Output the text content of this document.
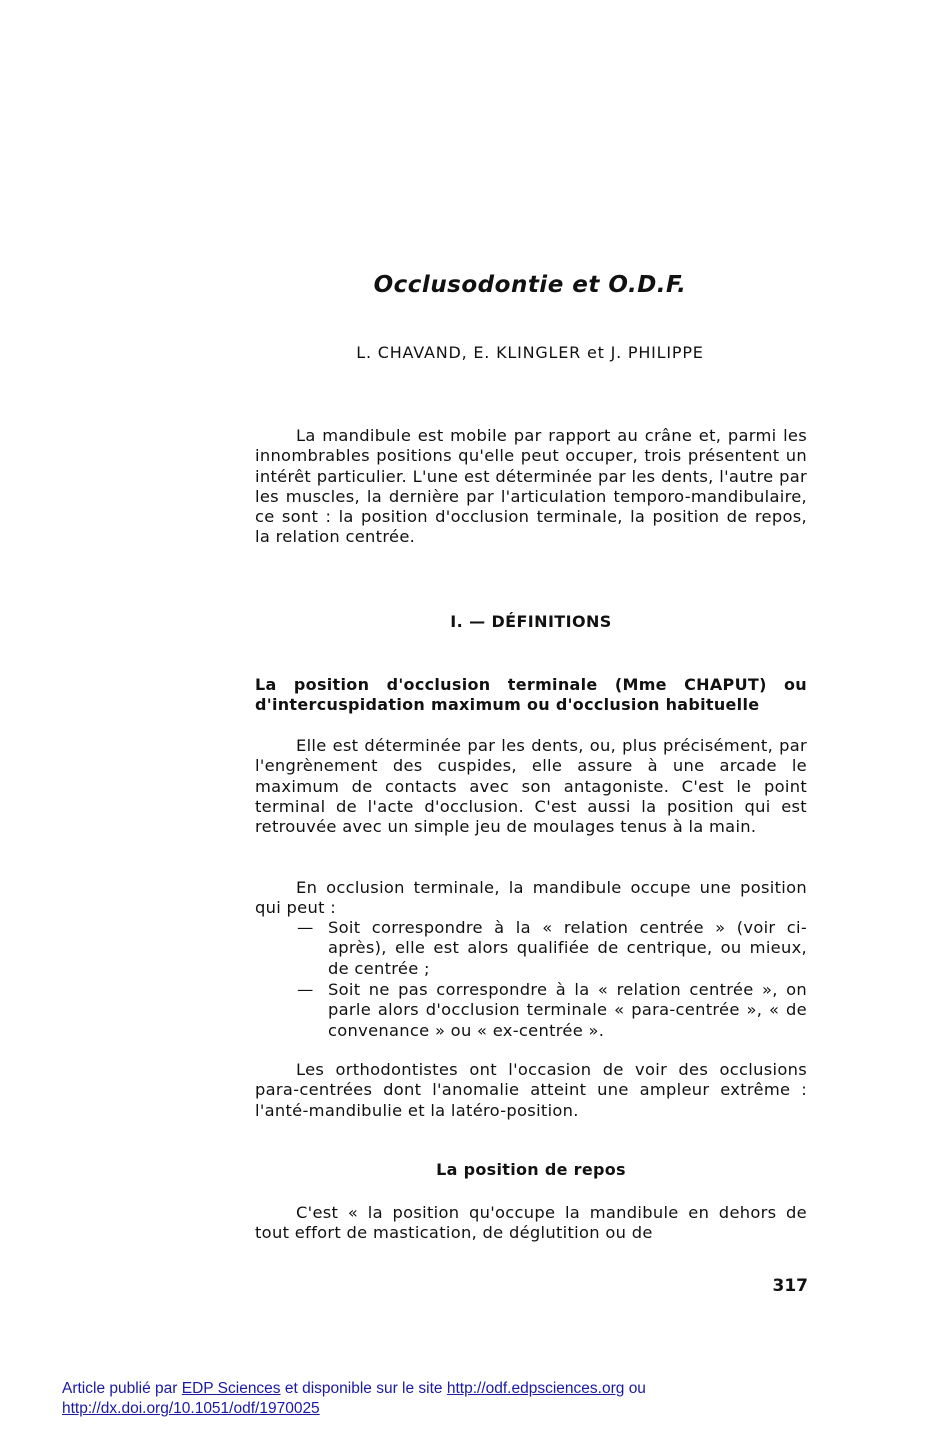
Occlusodontie et O.D.F.
L. CHAVAND, E. KLINGLER et J. PHILIPPE

La mandibule est mobile par rapport au crâne et, parmi les innombrables positions qu'elle peut occuper, trois présentent un intérêt particulier. L'une est déterminée par les dents, l'autre par les muscles, la dernière par l'articulation temporo-mandibulaire, ce sont : la position d'occlusion terminale, la position de repos, la relation centrée.

I. — DÉFINITIONS
La position d'occlusion terminale (Mme CHAPUT) ou d'intercuspidation maximum ou d'occlusion habituelle

Elle est déterminée par les dents, ou, plus précisément, par l'engrènement des cuspides, elle assure à une arcade le maximum de contacts avec son antagoniste. C'est le point terminal de l'acte d'occlusion. C'est aussi la position qui est retrouvée avec un simple jeu de moulages tenus à la main.

En occlusion terminale, la mandibule occupe une position qui peut :

— Soit correspondre à la « relation centrée » (voir ci-après), elle est alors qualifiée de centrique, ou mieux, de centrée ;
— Soit ne pas correspondre à la « relation centrée », on parle alors d'occlusion terminale « para-centrée », « de convenance » ou « ex-centrée ».

Les orthodontistes ont l'occasion de voir des occlusions para-centrées dont l'anomalie atteint une ampleur extrême : l'anté-mandibulie et la latéro-position.

La position de repos

C'est « la position qu'occupe la mandibule en dehors de tout effort de mastication, de déglutition ou de

317
Article publié par EDP Sciences et disponible sur le site http://odf.edpsciences.org ou
http://dx.doi.org/10.1051/odf/1970025
